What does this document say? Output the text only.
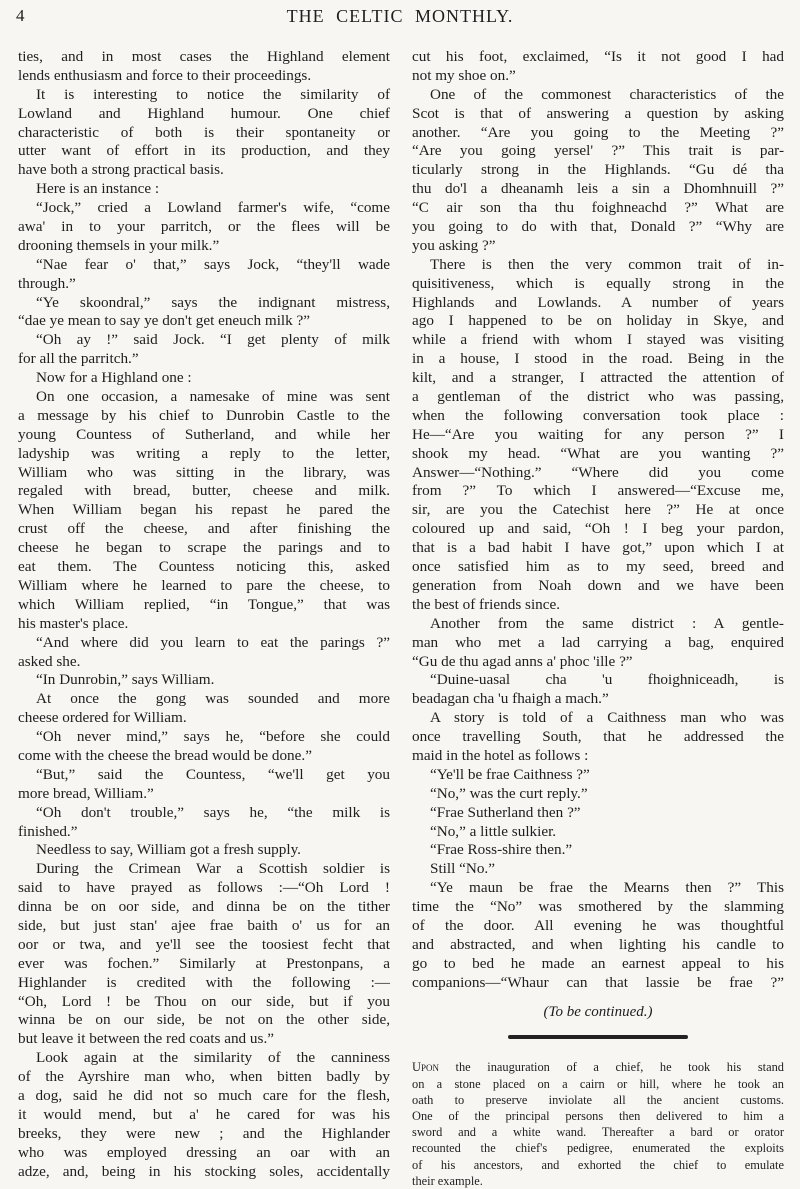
4	THE CELTIC MONTHLY.
ties, and in most cases the Highland element
lends enthusiasm and force to their proceedings.
It is interesting to notice the similarity of
Lowland and Highland humour. One chief
characteristic of both is their spontaneity or
utter want of effort in its production, and they
have both a strong practical basis.
Here is an instance :
“Jock,” cried a Lowland farmer's wife, “come
awa' in to your parritch, or the flees will be
drooning themsels in your milk.”
“Nae fear o' that,” says Jock, “they'll wade
through.”
“Ye skoondral,” says the indignant mistress,
“dae ye mean to say ye don't get eneuch milk ?”
“Oh ay !” said Jock. “I get plenty of milk
for all the parritch.”
Now for a Highland one :
On one occasion, a namesake of mine was sent
a message by his chief to Dunrobin Castle to the
young Countess of Sutherland, and while her
ladyship was writing a reply to the letter,
William who was sitting in the library, was
regaled with bread, butter, cheese and milk.
When William began his repast he pared the
crust off the cheese, and after finishing the
cheese he began to scrape the parings and to
eat them. The Countess noticing this, asked
William where he learned to pare the cheese, to
which William replied, “in Tongue,” that was
his master's place.
“And where did you learn to eat the parings ?”
asked she.
“In Dunrobin,” says William.
At once the gong was sounded and more
cheese ordered for William.
“Oh never mind,” says he, “before she could
come with the cheese the bread would be done.”
“But,” said the Countess, “we'll get you
more bread, William.”
“Oh don't trouble,” says he, “the milk is
finished.”
Needless to say, William got a fresh supply.
During the Crimean War a Scottish soldier is
said to have prayed as follows :—“Oh Lord !
dinna be on oor side, and dinna be on the tither
side, but just stan' ajee frae baith o' us for an
oor or twa, and ye'll see the toosiest fecht that
ever was fochen.” Similarly at Prestonpans, a
Highlander is credited with the following :—
“Oh, Lord ! be Thou on our side, but if you
winna be on our side, be not on the other side,
but leave it between the red coats and us.”
Look again at the similarity of the canniness
of the Ayrshire man who, when bitten badly by
a dog, said he did not so much care for the flesh,
it would mend, but a' he cared for was his
breeks, they were new ; and the Highlander
who was employed dressing an oar with an
adze, and, being in his stocking soles, accidentally
cut his foot, exclaimed, “Is it not good I had
not my shoe on.”
One of the commonest characteristics of the
Scot is that of answering a question by asking
another. “Are you going to the Meeting ?”
“Are you going yersel' ?” This trait is par-
ticularly strong in the Highlands. “Gu dé tha
thu do'l a dheanamh leis a sin a Dhomhnuill ?”
“C air son tha thu foighneachd ?” What are
you going to do with that, Donald ?” “Why are
you asking ?”
There is then the very common trait of in-
quisitiveness, which is equally strong in the
Highlands and Lowlands. A number of years
ago I happened to be on holiday in Skye, and
while a friend with whom I stayed was visiting
in a house, I stood in the road. Being in the
kilt, and a stranger, I attracted the attention of
a gentleman of the district who was passing,
when the following conversation took place :
He—“Are you waiting for any person ?” I
shook my head. “What are you wanting ?”
Answer—“Nothing.” “Where did you come
from ?” To which I answered—“Excuse me,
sir, are you the Catechist here ?” He at once
coloured up and said, “Oh ! I beg your pardon,
that is a bad habit I have got,” upon which I at
once satisfied him as to my seed, breed and
generation from Noah down and we have been
the best of friends since.
Another from the same district : A gentle-
man who met a lad carrying a bag, enquired
“Gu de thu agad anns a' phoc 'ille ?”
“Duine-uasal cha 'u fhoighniceadh, is
beadagan cha 'u fhaigh a mach.”
A story is told of a Caithness man who was
once travelling South, that he addressed the
maid in the hotel as follows :
“Ye'll be frae Caithness ?”
“No,” was the curt reply.”
“Frae Sutherland then ?”
“No,” a little sulkier.
“Frae Ross-shire then.”
Still “No.”
“Ye maun be frae the Mearns then ?” This
time the “No” was smothered by the slamming
of the door. All evening he was thoughtful
and abstracted, and when lighting his candle to
go to bed he made an earnest appeal to his
companions—“Whaur can that lassie be frae ?”
(To be continued.)
Upon the inauguration of a chief, he took his stand
on a stone placed on a cairn or hill, where he took an
oath to preserve inviolate all the ancient customs.
One of the principal persons then delivered to him a
sword and a white wand. Thereafter a bard or orator
recounted the chief's pedigree, enumerated the exploits
of his ancestors, and exhorted the chief to emulate
their example.
